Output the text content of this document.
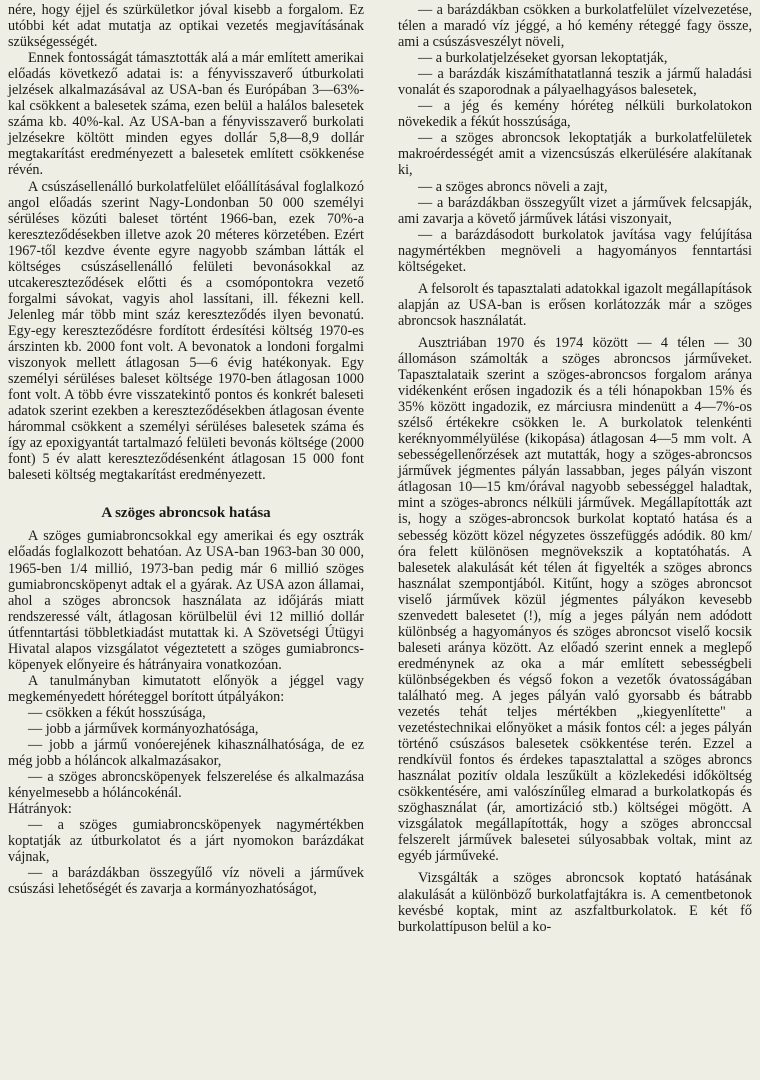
nére, hogy éjjel és szürkületkor jóval kisebb a forgalom. Ez utóbbi két adat mutatja az optikai vezetés megjavításának szükségességét.

Ennek fontosságát támasztották alá a már említett amerikai előadás következő adatai is: a fényvisszaverő útburkolati jelzések alkalmazásával az USA-ban és Európában 3—63%-kal csökkent a balesetek száma, ezen belül a halálos balesetek száma kb. 40%-kal. Az USA-ban a fényvisszaverő burkolati jelzésekre költött minden egyes dollár 5,8—8,9 dollár megtakarítást eredményezett a balesetek említett csökkenése révén.

A csúszásellenálló burkolatfelület előállításával foglalkozó angol előadás szerint Nagy-Londonban 50 000 személyi sérüléses közúti baleset történt 1966-ban, ezek 70%-a kereszteződésekben illetve azok 20 méteres körzetében. Ezért 1967-től kezdve évente egyre nagyobb számban látták el költséges csúszásellenálló felületi bevonásokkal az utcakereszteződések előtti és a csomópontokra vezető forgalmi sávokat, vagyis ahol lassítani, ill. fékezni kell. Jelenleg már több mint száz kereszteződés ilyen bevonatú. Egy-egy kereszteződésre fordított érdesítési költség 1970-es árszinten kb. 2000 font volt. A bevonatok a londoni forgalmi viszonyok mellett átlagosan 5—6 évig hatékonyak. Egy személyi sérüléses baleset költsége 1970-ben átlagosan 1000 font volt. A több évre visszatekintő pontos és konkrét baleseti adatok szerint ezekben a kereszteződésekben átlagosan évente hárommal csökkent a személyi sérüléses balesetek száma és így az epoxigyantát tartalmazó felületi bevonás költsége (2000 font) 5 év alatt kereszteződésenként átlagosan 15 000 font baleseti költség megtakarítást eredményezett.

A szöges abroncsok hatása

A szöges gumiabroncsokkal egy amerikai és egy osztrák előadás foglalkozott behatóan. Az USA-ban 1963-ban 30 000, 1965-ben 1/4 millió, 1973-ban pedig már 6 millió szöges gumiabroncsköpenyt adtak el a gyárak. Az USA azon államai, ahol a szöges abroncsok használata az időjárás miatt rendszeressé vált, átlagosan körülbelül évi 12 millió dollár útfenntartási többletkiadást mutattak ki. A Szövetségi Útügyi Hivatal alapos vizsgálatot végeztetett a szöges gumiabroncs-köpenyek előnyeire és hátrányaira vonatkozóan.

A tanulmányban kimutatott előnyök a jéggel vagy megkeményedett hóréteggel borított útpályákon:

— csökken a fékút hosszúsága,

— jobb a járművek kormányozhatósága,

— jobb a jármű vonóerejének kihasználhatósága, de ez még jobb a hóláncok alkalmazásakor,

— a szöges abroncsköpenyek felszerelése és alkalmazása kényelmesebb a hóláncokénál.

Hátrányok:

— a szöges gumiabroncsköpenyek nagymértékben koptatják az útburkolatot és a járt nyomokon barázdákat vájnak,

— a barázdákban összegyűlő víz növeli a járművek csúszási lehetőségét és zavarja a kormányozhatóságot,

— a barázdákban csökken a burkolatfelület vízelvezetése, télen a maradó víz jéggé, a hó kemény réteggé fagy össze, ami a csúszásveszélyt növeli,

— a burkolatjelzéseket gyorsan lekoptatják,

— a barázdák kiszámíthatatlanná teszik a jármű haladási vonalát és szaporodnak a pályaelhagyásos balesetek,

— a jég és kemény hóréteg nélküli burkolatokon növekedik a fékút hosszúsága,

— a szöges abroncsok lekoptatják a burkolatfelületek makroérdességét amit a vizencsúszás elkerülésére alakítanak ki,

— a szöges abroncs növeli a zajt,

— a barázdákban összegyűlt vizet a járművek felcsapják, ami zavarja a követő járművek látási viszonyait,

— a barázdásodott burkolatok javítása vagy felújítása nagymértékben megnöveli a hagyományos fenntartási költségeket.

A felsorolt és tapasztalati adatokkal igazolt megállapítások alapján az USA-ban is erősen korlátozzák már a szöges abroncsok használatát.

Ausztriában 1970 és 1974 között — 4 télen — 30 állomáson számolták a szöges abroncsos járműveket. Tapasztalataik szerint a szöges-abroncsos forgalom aránya vidékenként erősen ingadozik és a téli hónapokban 15% és 35% között ingadozik, ez márciusra mindenütt a 4—7%-os szélső értékekre csökken le. A burkolatok telenkénti keréknyommélyülése (kikopása) átlagosan 4—5 mm volt. A sebességellenőrzések azt mutatták, hogy a szöges-abroncsos járművek jégmentes pályán lassabban, jeges pályán viszont átlagosan 10—15 km/órával nagyobb sebességgel haladtak, mint a szöges-abroncs nélküli járművek. Megállapították azt is, hogy a szöges-abroncsok burkolat koptató hatása és a sebesség között közel négyzetes összefüggés adódik. 80 km/óra felett különösen megnövekszik a koptatóhatás. A balesetek alakulását két télen át figyelték a szöges abroncs használat szempontjából. Kitűnt, hogy a szöges abroncsot viselő járművek közül jégmentes pályákon kevesebb szenvedett balesetet (!), míg a jeges pályán nem adódott különbség a hagyományos és szöges abroncsot viselő kocsik baleseti aránya között. Az előadó szerint ennek a meglepő eredménynek az oka a már említett sebességbeli különbségekben és végső fokon a vezetők óvatosságában található meg. A jeges pályán való gyorsabb és bátrabb vezetés tehát teljes mértékben „kiegyenlítette" a vezetéstechnikai előnyöket a másik fontos cél: a jeges pályán történő csúszásos balesetek csökkentése terén. Ezzel a rendkívül fontos és érdekes tapasztalattal a szöges abroncs használat pozitív oldala leszűkült a közlekedési időköltség csökkentésére, ami valószínűleg elmarad a burkolatkopás és szöghasználat (ár, amortizáció stb.) költségei mögött. A vizsgálatok megállapították, hogy a szöges abronccsal felszerelt járművek balesetei súlyosabbak voltak, mint az egyéb járműveké.

Vizsgálták a szöges abroncsok koptató hatásának alakulását a különböző burkolatfajtákra is. A cementbetonok kevésbé koptak, mint az aszfaltburkolatok. E két fő burkolattípuson belül a ko-
